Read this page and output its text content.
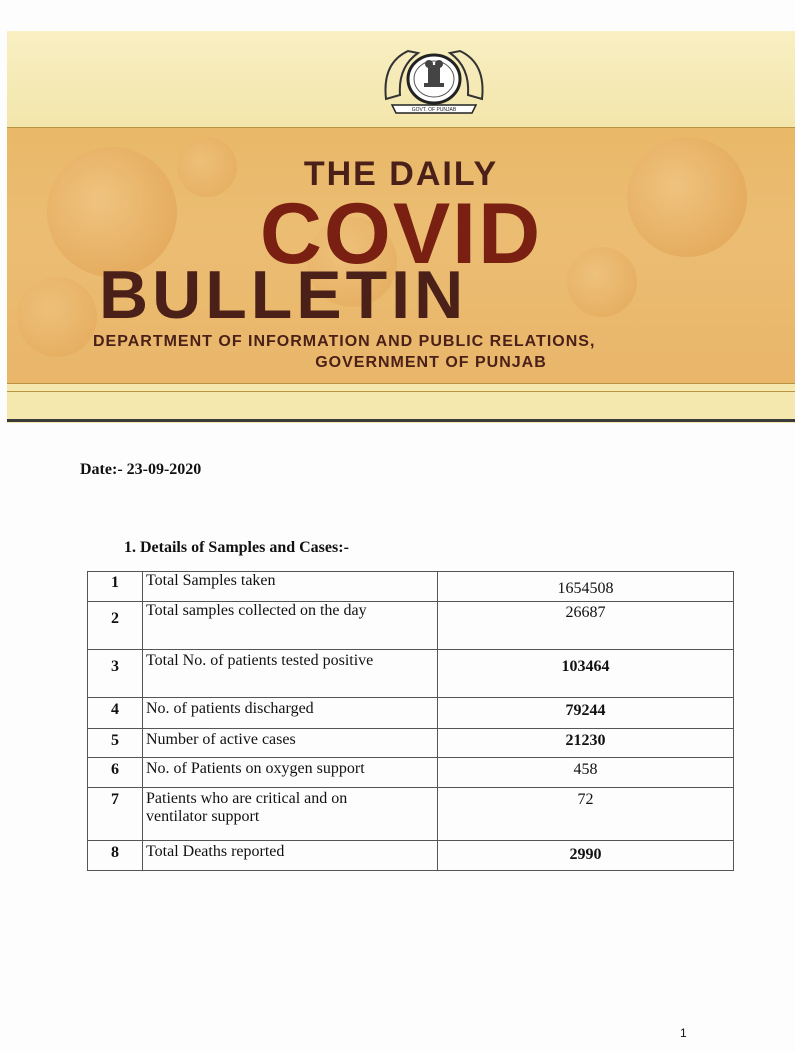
GOVT. OF PUNJAB
THE DAILY
COVID
BULLETIN
DEPARTMENT OF INFORMATION AND PUBLIC RELATIONS,
GOVERNMENT OF PUNJAB
Date:- 23-09-2020
1. Details of Samples and Cases:-
1	Total Samples taken	1654508
2	Total samples collected on the day	26687
3	Total No. of patients tested positive	103464
4	No. of patients discharged	79244
5	Number of active cases	21230
6	No. of Patients on oxygen support	458
7	Patients who are critical and on ventilator support	72
8	Total Deaths reported	2990
1
